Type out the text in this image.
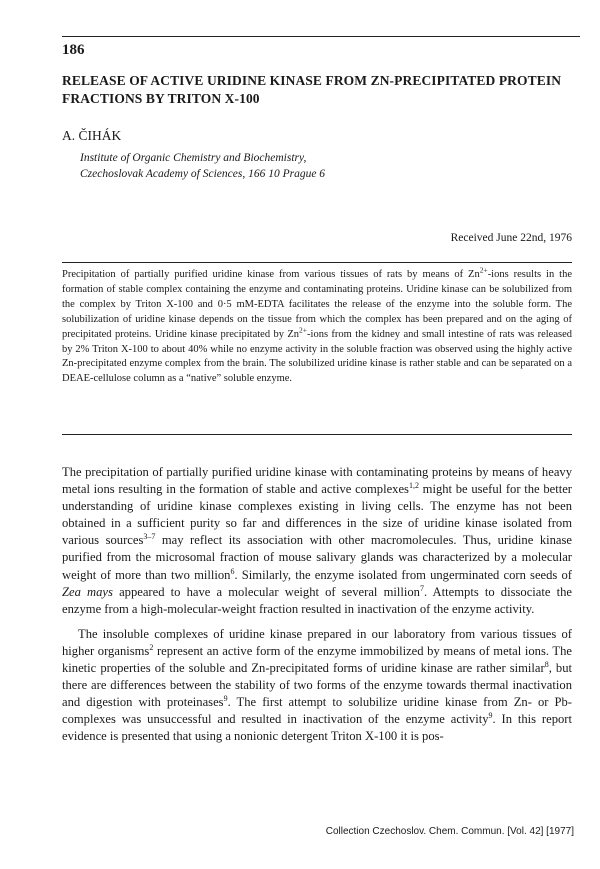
186
RELEASE OF ACTIVE URIDINE KINASE FROM ZN-PRECIPITATED PROTEIN FRACTIONS BY TRITON X-100
A. ČIHÁK
Institute of Organic Chemistry and Biochemistry,
Czechoslovak Academy of Sciences, 166 10 Prague 6
Received June 22nd, 1976
Precipitation of partially purified uridine kinase from various tissues of rats by means of $Zn^{2+}$-ions results in the formation of stable complex containing the enzyme and contaminating proteins. Uridine kinase can be solubilized from the complex by Triton X-100 and 0·5 mM-EDTA facilitates the release of the enzyme into the soluble form. The solubilization of uridine kinase depends on the tissue from which the complex has been prepared and on the aging of precipitated proteins. Uridine kinase precipitated by $Zn^{2+}$-ions from the kidney and small intestine of rats was released by 2% Triton X-100 to about 40% while no enzyme activity in the soluble fraction was observed using the highly active Zn-precipitated enzyme complex from the brain. The solubilized uridine kinase is rather stable and can be separated on a DEAE-cellulose column as a “native” soluble enzyme.

The precipitation of partially purified uridine kinase with contaminating proteins by means of heavy metal ions resulting in the formation of stable and active complexes$^{1,2}$ might be useful for the better understanding of uridine kinase complexes existing in living cells. The enzyme has not been obtained in a sufficient purity so far and differences in the size of uridine kinase isolated from various sources$^{3-7}$ may reflect its association with other macromolecules. Thus, uridine kinase purified from the microsomal fraction of mouse salivary glands was characterized by a molecular weight of more than two million$^6$. Similarly, the enzyme isolated from ungerminated corn seeds of Zea mays appeared to have a molecular weight of several million$^7$. Attempts to dissociate the enzyme from a high-molecular-weight fraction resulted in inactivation of the enzyme activity.

The insoluble complexes of uridine kinase prepared in our laboratory from various tissues of higher organisms$^2$ represent an active form of the enzyme immobilized by means of metal ions. The kinetic properties of the soluble and Zn-precipitated forms of uridine kinase are rather similar$^8$, but there are differences between the stability of two forms of the enzyme towards thermal inactivation and digestion with proteinases$^9$. The first attempt to solubilize uridine kinase from Zn- or Pb-complexes was unsuccessful and resulted in inactivation of the enzyme activity$^9$. In this report evidence is presented that using a nonionic detergent Triton X-100 it is pos-

Collection Czechoslov. Chem. Commun. [Vol. 42] [1977]
